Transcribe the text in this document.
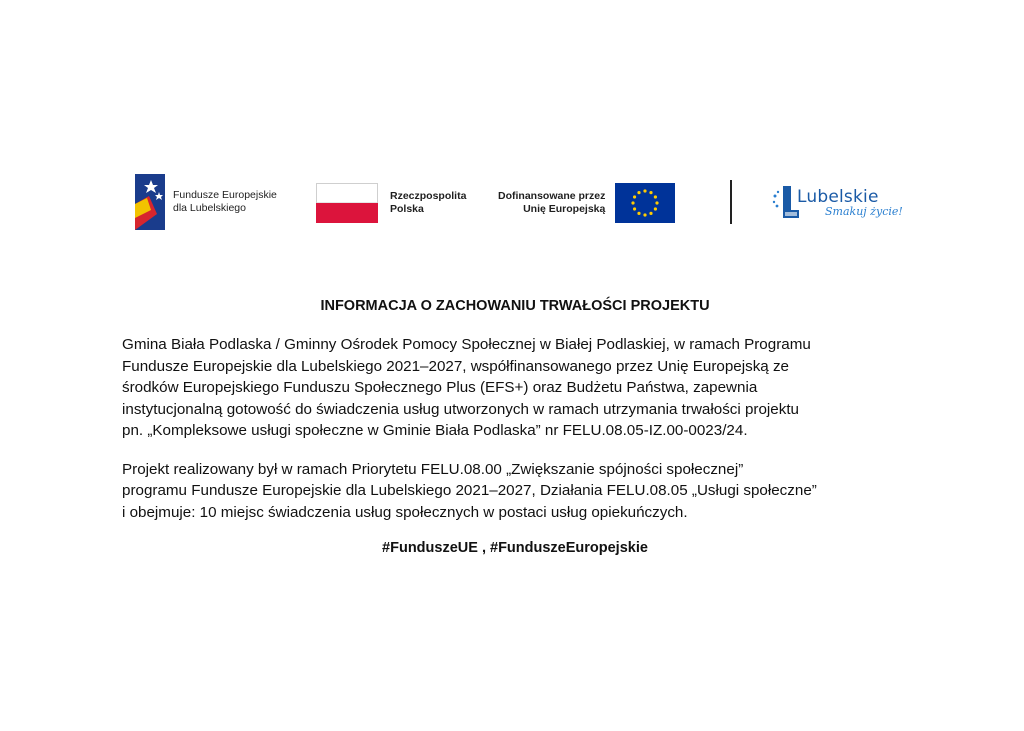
Fundusze Europejskie
dla Lubelskiego
Rzeczpospolita
Polska
Dofinansowane przez
Unię Europejską
Lubelskie
Smakuj życie!
INFORMACJA O ZACHOWANIU TRWAŁOŚCI PROJEKTU

Gmina Biała Podlaska / Gminny Ośrodek Pomocy Społecznej w Białej Podlaskiej, w ramach Programu

Fundusze Europejskie dla Lubelskiego 2021–2027, współfinansowanego przez Unię Europejską ze

środków Europejskiego Funduszu Społecznego Plus (EFS+) oraz Budżetu Państwa, zapewnia

instytucjonalną gotowość do świadczenia usług utworzonych w ramach utrzymania trwałości projektu

pn. „Kompleksowe usługi społeczne w Gminie Biała Podlaska” nr FELU.08.05-IZ.00-0023/24.

Projekt realizowany był w ramach Priorytetu FELU.08.00 „Zwiększanie spójności społecznej”

programu Fundusze Europejskie dla Lubelskiego 2021–2027, Działania FELU.08.05 „Usługi społeczne”

i obejmuje: 10 miejsc świadczenia usług społecznych w postaci usług opiekuńczych.

#FunduszeUE , #FunduszeEuropejskie
